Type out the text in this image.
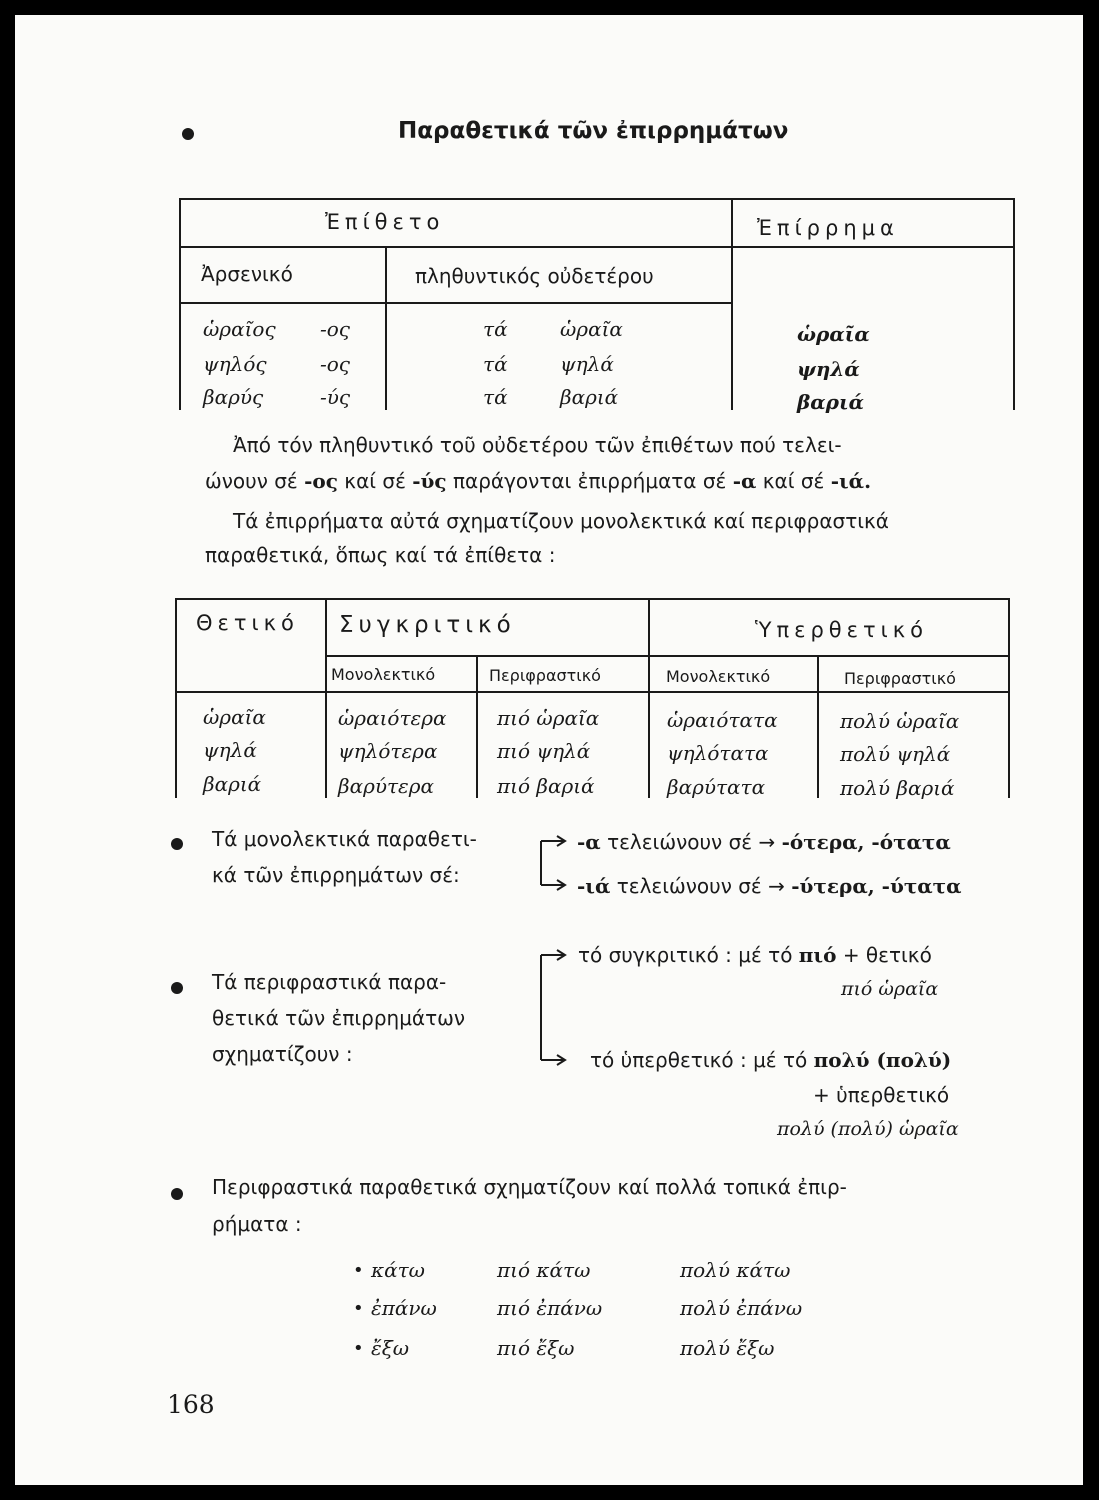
Παραθετικά τῶν ἐπιρρημάτων
Ἐπίθετο	Ἐπίρρημα
Ἀρσενικό	πληθυντικός οὐδετέρου
ὡραῖος -ος	τά	ὡραῖα	ὡραῖα
ψηλός	-ος	τά	ψηλά	ψηλά
βαρύς	-ύς	τά	βαριά	βαριά
Ἀπό τόν πληθυντικό τοῦ οὐδετέρου τῶν ἐπιθέτων πού τελει-
ώνουν σέ -ος καί σέ -ύς παράγονται ἐπιρρήματα σέ -α καί σέ -ιά.
Τά ἐπιρρήματα αὐτά σχηματίζουν μονολεκτικά καί περιφραστικά
παραθετικά, ὅπως καί τά ἐπίθετα :
Θετικό Συγκριτικό	Ὑπερθετικό
Μονολεκτικό	Περιφραστικό	Μονολεκτικό	Περιφραστικό
ὡραῖα	ὡραιότερα	πιό ὡραῖα	ὡραιότατα	πολύ ὡραῖα
ψηλά	ψηλότερα	πιό ψηλά	ψηλότατα	πολύ ψηλά
βαριά	βαρύτερα	πιό βαριά	βαρύτατα	πολύ βαριά
Τά μονολεκτικά παραθετι-
κά τῶν ἐπιρρημάτων σέ:
-α τελειώνουν σέ → -ότερα, -ότατα
-ιά τελειώνουν σέ → -ύτερα, -ύτατα
Τά περιφραστικά παρα-
θετικά τῶν ἐπιρρημάτων
σχηματίζουν :
τό συγκριτικό : μέ τό πιό + θετικό
πιό ὡραῖα
τό ὑπερθετικό : μέ τό πολύ (πολύ)
+ ὑπερθετικό
πολύ (πολύ) ὡραῖα
Περιφραστικά παραθετικά σχηματίζουν καί πολλά τοπικά ἐπιρ-
ρήματα :
• κάτω	πιό κάτω	πολύ κάτω
• ἐπάνω	πιό ἐπάνω	πολύ ἐπάνω
• ἔξω	πιό ἔξω	πολύ ἔξω
168
